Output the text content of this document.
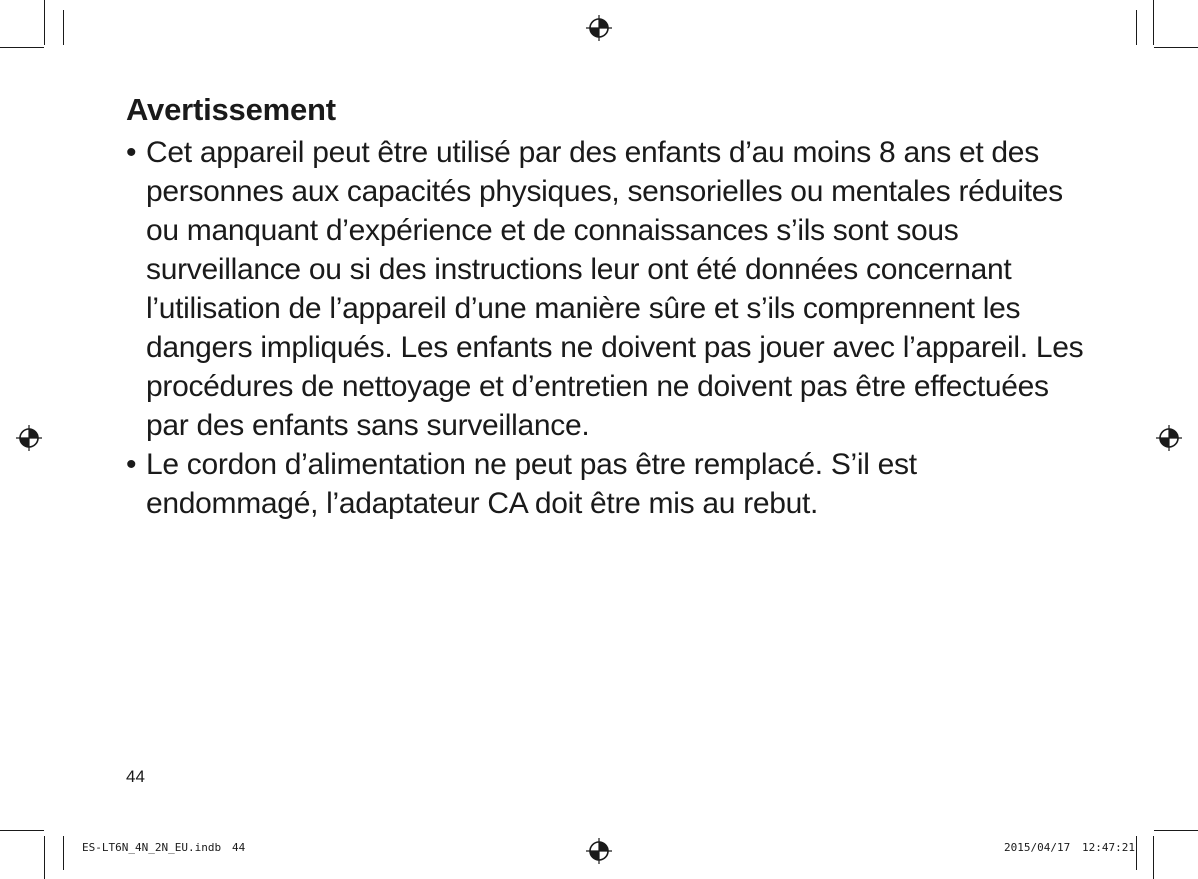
Avertissement
• Cet appareil peut être utilisé par des enfants d’au moins 8 ans et des personnes aux capacités physiques, sensorielles ou mentales réduites ou manquant d’expérience et de connaissances s’ils sont sous surveillance ou si des instructions leur ont été données concernant l’utilisation de l’appareil d’une manière sûre et s’ils comprennent les dangers impliqués. Les enfants ne doivent pas jouer avec l’appareil. Les procédures de nettoyage et d’entretien ne doivent pas être effectuées par des enfants sans surveillance.
• Le cordon d’alimentation ne peut pas être remplacé. S’il est endommagé, l’adaptateur CA doit être mis au rebut.
44
ES-LT6N_4N_2N_EU.indb 44	2015/04/17 12:47:21
